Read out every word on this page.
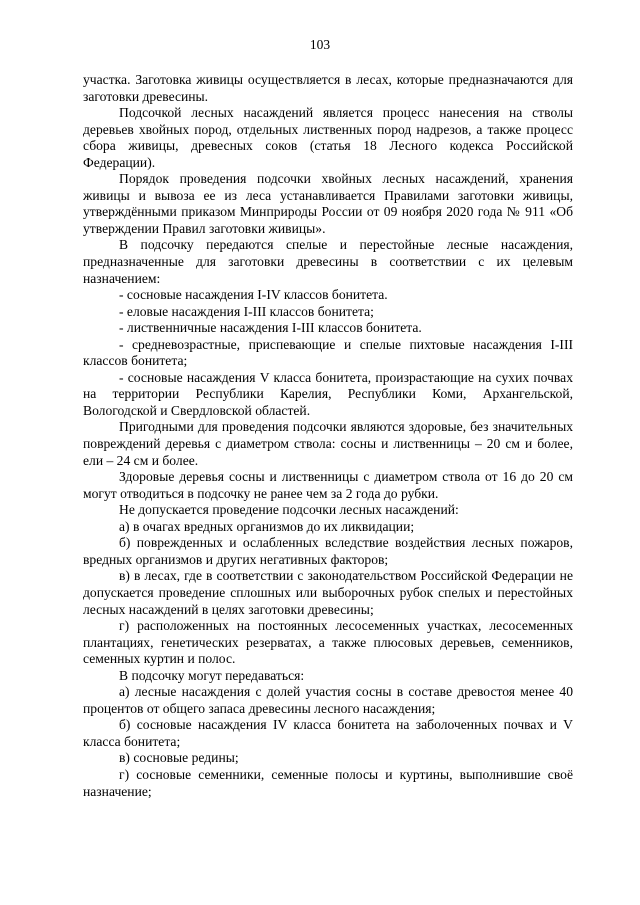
103

участка. Заготовка живицы осуществляется в лесах, которые предназначаются для заготовки древесины.

Подсочкой лесных насаждений является процесс нанесения на стволы деревьев хвойных пород, отдельных лиственных пород надрезов, а также процесс сбора живицы, древесных соков (статья 18 Лесного кодекса Российской Федерации).

Порядок проведения подсочки хвойных лесных насаждений, хранения живицы и вывоза ее из леса устанавливается Правилами заготовки живицы, утверждёнными приказом Минприроды России от 09 ноября 2020 года № 911 «Об утверждении Правил заготовки живицы».

В подсочку передаются спелые и перестойные лесные насаждения, предназначенные для заготовки древесины в соответствии с их целевым назначением:

- сосновые насаждения I-IV классов бонитета.

- еловые насаждения I-III классов бонитета;

- лиственничные насаждения I-III классов бонитета.

- средневозрастные, приспевающие и спелые пихтовые насаждения I-III классов бонитета;

- сосновые насаждения V класса бонитета, произрастающие на сухих почвах на территории Республики Карелия, Республики Коми, Архангельской, Вологодской и Свердловской областей.

Пригодными для проведения подсочки являются здоровые, без значительных повреждений деревья с диаметром ствола: сосны и лиственницы – 20 см и более, ели – 24 см и более.

Здоровые деревья сосны и лиственницы с диаметром ствола от 16 до 20 см могут отводиться в подсочку не ранее чем за 2 года до рубки.

Не допускается проведение подсочки лесных насаждений:

а) в очагах вредных организмов до их ликвидации;

б) поврежденных и ослабленных вследствие воздействия лесных пожаров, вредных организмов и других негативных факторов;

в) в лесах, где в соответствии с законодательством Российской Федерации не допускается проведение сплошных или выборочных рубок спелых и перестойных лесных насаждений в целях заготовки древесины;

г) расположенных на постоянных лесосеменных участках, лесосеменных плантациях, генетических резерватах, а также плюсовых деревьев, семенников, семенных куртин и полос.

В подсочку могут передаваться:

а) лесные насаждения с долей участия сосны в составе древостоя менее 40 процентов от общего запаса древесины лесного насаждения;

б) сосновые насаждения IV класса бонитета на заболоченных почвах и V класса бонитета;

в) сосновые редины;

г) сосновые семенники, семенные полосы и куртины, выполнившие своё назначение;
